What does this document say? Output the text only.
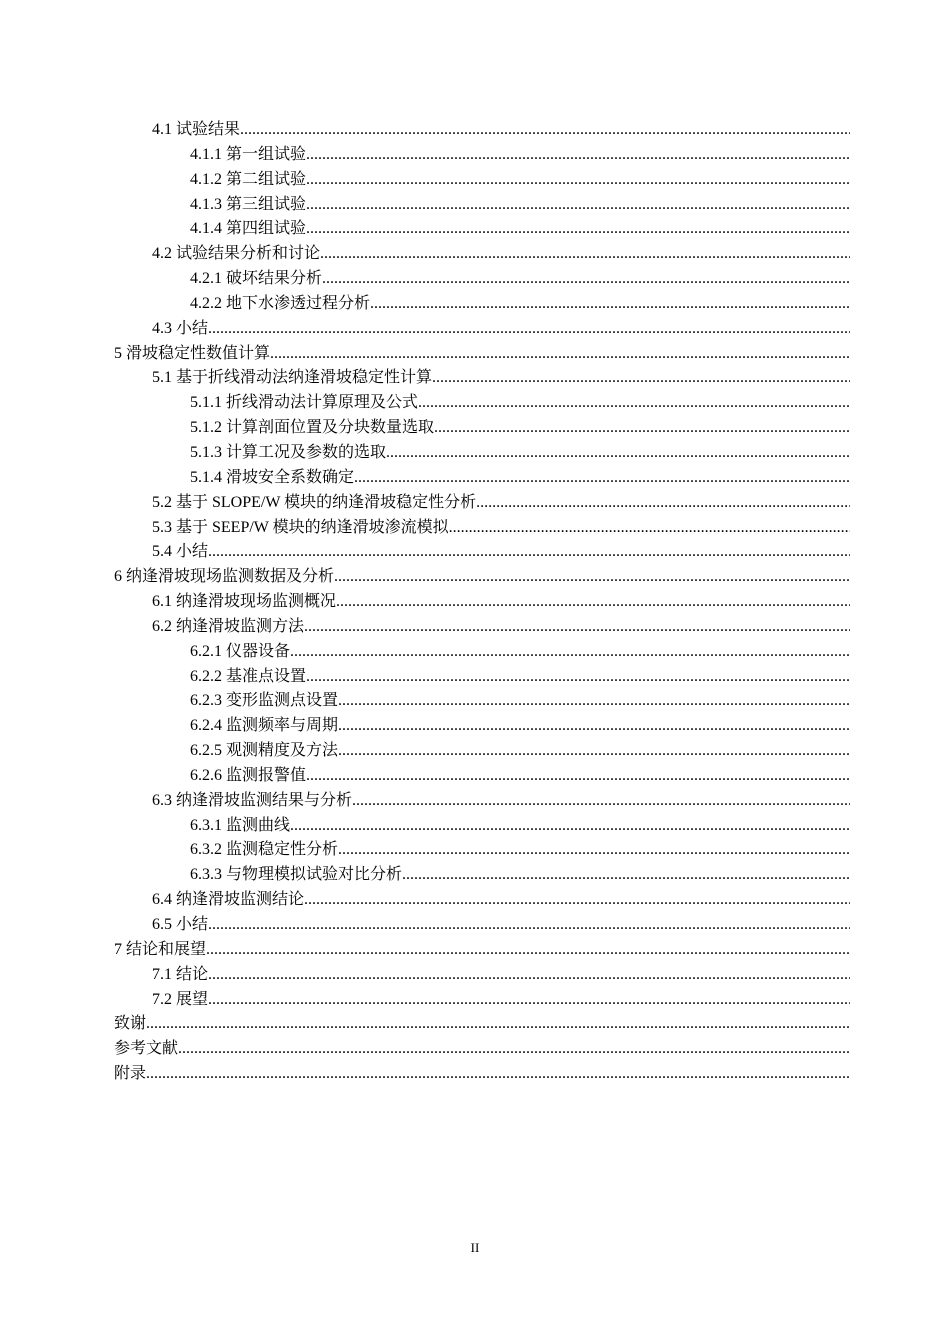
4.1 试验结果
.....
4.1.1 第一组试验
.....
4.1.2 第二组试验
.....
4.1.3 第三组试验
.....
4.1.4 第四组试验
.....
4.2 试验结果分析和讨论
.....
4.2.1 破坏结果分析
.....
4.2.2 地下水渗透过程分析
.....
4.3 小结
.....
5 滑坡稳定性数值计算
.....
5.1 基于折线滑动法纳逢滑坡稳定性计算
.....
5.1.1 折线滑动法计算原理及公式
.....
5.1.2 计算剖面位置及分块数量选取
.....
5.1.3 计算工况及参数的选取
.....
5.1.4 滑坡安全系数确定
.....
5.2 基于 SLOPE/W 模块的纳逢滑坡稳定性分析
.....
5.3 基于 SEEP/W 模块的纳逢滑坡渗流模拟
.....
5.4 小结
.....
6 纳逢滑坡现场监测数据及分析
.....
6.1 纳逢滑坡现场监测概况
.....
6.2 纳逢滑坡监测方法
.....
6.2.1 仪器设备
.....
6.2.2 基准点设置
.....
6.2.3 变形监测点设置
.....
6.2.4 监测频率与周期
.....
6.2.5 观测精度及方法
.....
6.2.6 监测报警值
.....
6.3 纳逢滑坡监测结果与分析
.....
6.3.1 监测曲线
.....
6.3.2 监测稳定性分析
.....
6.3.3 与物理模拟试验对比分析
.....
6.4 纳逢滑坡监测结论
.....
6.5 小结
.....
7 结论和展望
.....
7.1 结论
.....
7.2 展望
.....
致谢
.....
参考文献
.....
附录
.....
II
